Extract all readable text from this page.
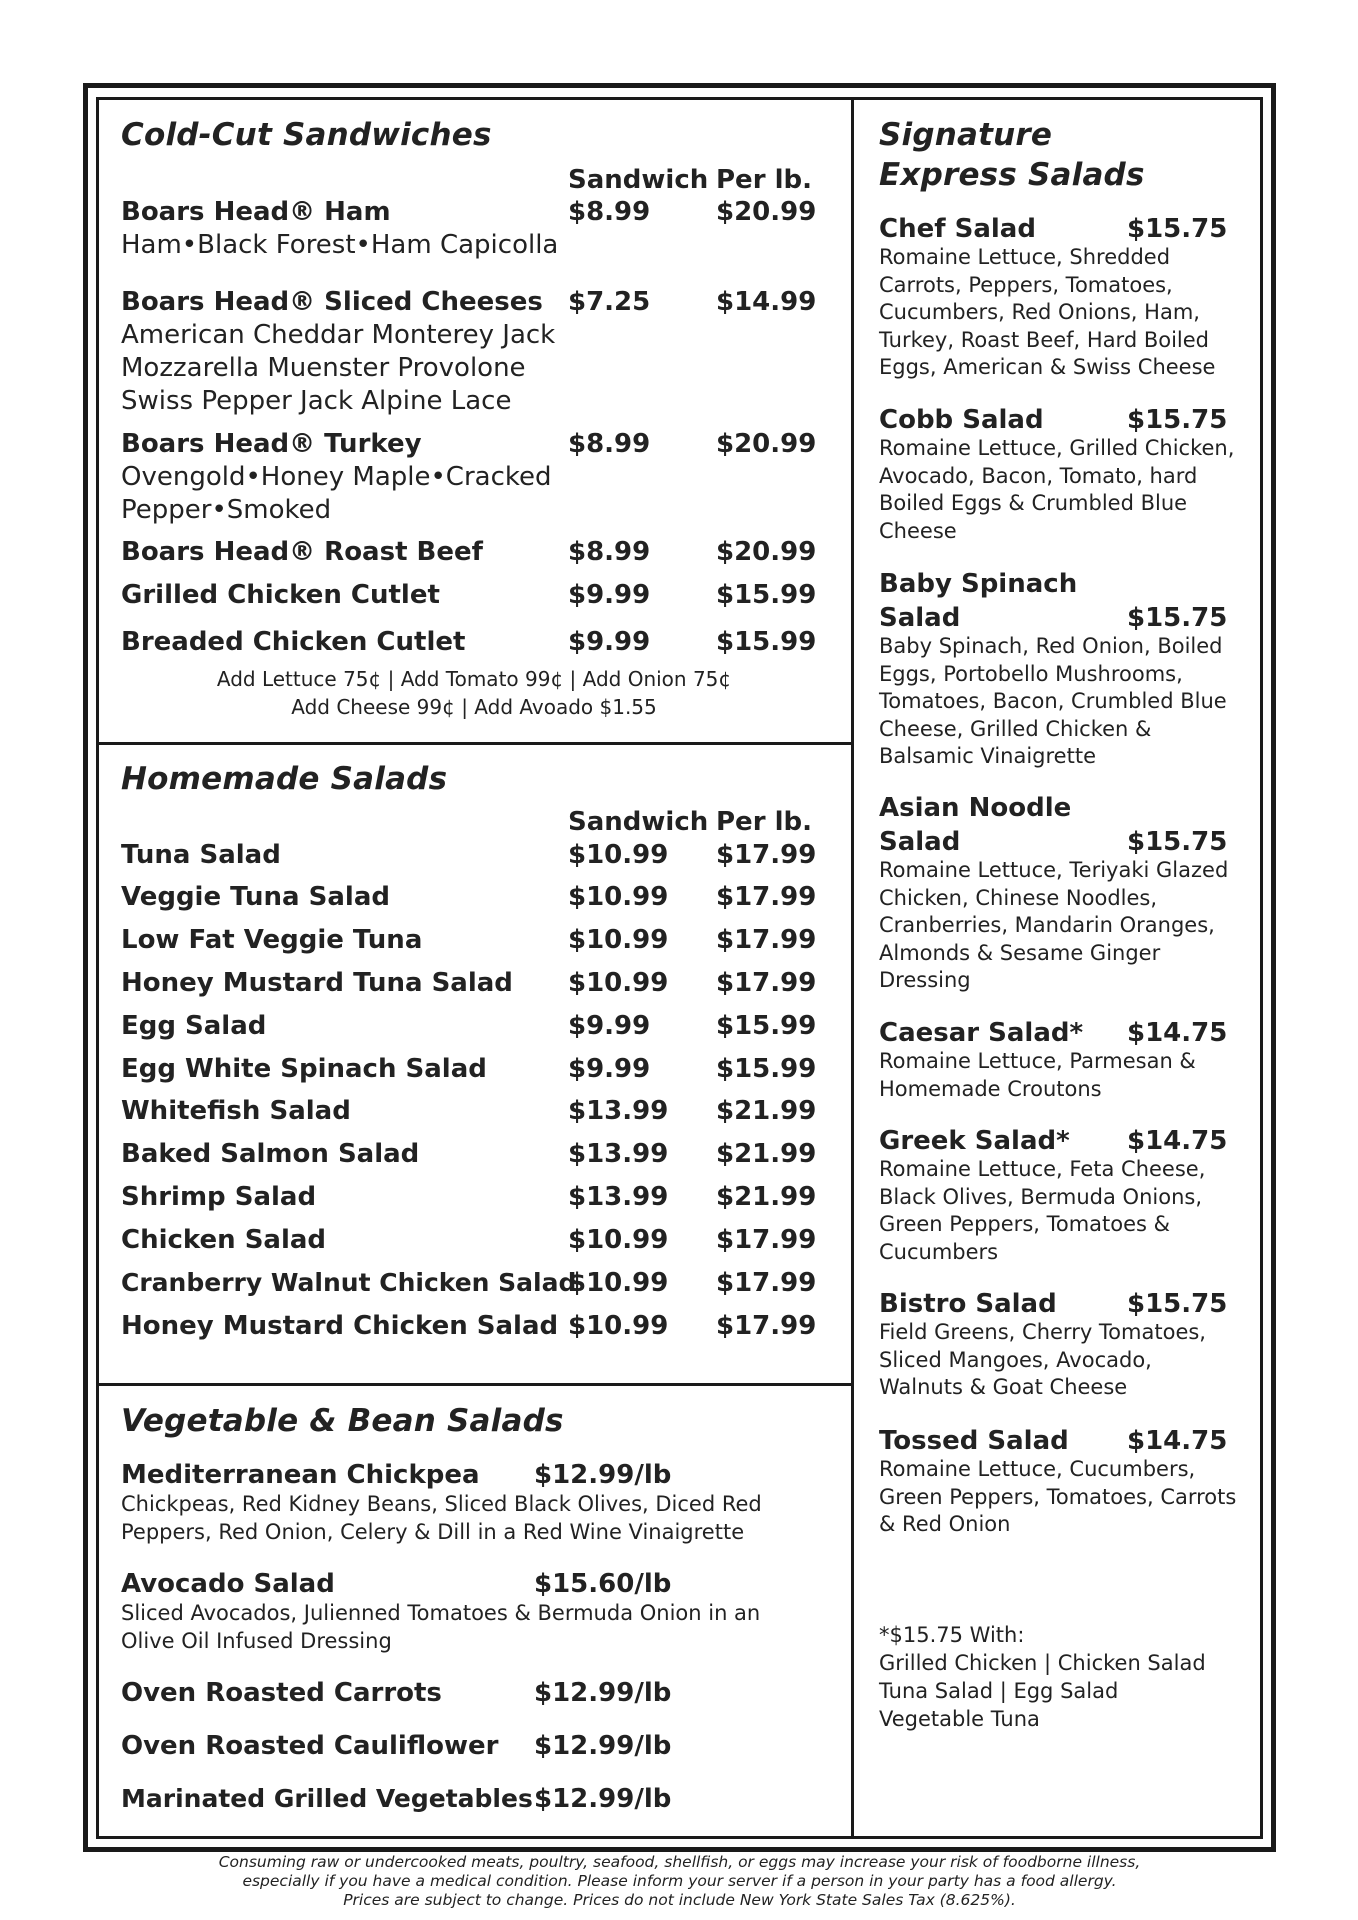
Cold-Cut Sandwiches
Sandwich Per lb.
Boars Head® Ham	$8.99	$20.99
Ham•Black Forest•Ham Capicolla
Boars Head® Sliced Cheeses $7.25	$14.99
American Cheddar Monterey Jack Mozzarella Muenster Provolone Swiss Pepper Jack Alpine Lace
Boars Head® Turkey	$8.99	$20.99
Ovengold•Honey Maple•Cracked Pepper•Smoked
Boars Head® Roast Beef	$8.99	$20.99
Grilled Chicken Cutlet	$9.99	$15.99
Breaded Chicken Cutlet	$9.99	$15.99
Add Lettuce 75¢ | Add Tomato 99¢ | Add Onion 75¢
Add Cheese 99¢ | Add Avoado $1.55
Homemade Salads
Sandwich Per lb.
Tuna Salad	$10.99 $17.99
Veggie Tuna Salad	$10.99 $17.99
Low Fat Veggie Tuna	$10.99 $17.99
Honey Mustard Tuna Salad $10.99 $17.99
Egg Salad	$9.99	$15.99
Egg White Spinach Salad	$9.99	$15.99
Whitefish Salad	$13.99 $21.99
Baked Salmon Salad	$13.99 $21.99
Shrimp Salad	$13.99 $21.99
Chicken Salad	$10.99 $17.99
Cranberry Walnut Chicken Salad
$10.99 $17.99
Honey Mustard Chicken Salad $10.99 $17.99
Vegetable & Bean Salads
Mediterranean Chickpea $12.99/lb
Chickpeas, Red Kidney Beans, Sliced Black Olives, Diced Red Peppers, Red Onion, Celery & Dill in a Red Wine Vinaigrette
Avocado Salad	$15.60/lb
Sliced Avocados, Julienned Tomatoes & Bermuda Onion in an Olive Oil Infused Dressing
Oven Roasted Carrots	$12.99/lb
Oven Roasted Cauliflower $12.99/lb
Marinated Grilled Vegetables $12.99/lb
Signature
Express Salads
Chef Salad	$15.75
Romaine Lettuce, Shredded Carrots, Peppers, Tomatoes, Cucumbers, Red Onions, Ham, Turkey, Roast Beef, Hard Boiled Eggs, American & Swiss Cheese
Cobb Salad	$15.75
Romaine Lettuce, Grilled Chicken, Avocado, Bacon, Tomato, hard Boiled Eggs & Crumbled Blue Cheese
Baby Spinach
Salad	$15.75
Baby Spinach, Red Onion, Boiled Eggs, Portobello Mushrooms, Tomatoes, Bacon, Crumbled Blue Cheese, Grilled Chicken & Balsamic Vinaigrette
Asian Noodle
Salad	$15.75
Romaine Lettuce, Teriyaki Glazed Chicken, Chinese Noodles, Cranberries, Mandarin Oranges, Almonds & Sesame Ginger Dressing
Caesar Salad* $14.75
Romaine Lettuce, Parmesan & Homemade Croutons
Greek Salad* $14.75
Romaine Lettuce, Feta Cheese, Black Olives, Bermuda Onions, Green Peppers, Tomatoes & Cucumbers
Bistro Salad	$15.75
Field Greens, Cherry Tomatoes, Sliced Mangoes, Avocado, Walnuts & Goat Cheese
Tossed Salad $14.75
Romaine Lettuce, Cucumbers, Green Peppers, Tomatoes, Carrots & Red Onion
*$15.75 With:
Grilled Chicken | Chicken Salad
Tuna Salad | Egg Salad
Vegetable Tuna
Consuming raw or undercooked meats, poultry, seafood, shellfish, or eggs may increase your risk of foodborne illness,
especially if you have a medical condition. Please inform your server if a person in your party has a food allergy.
Prices are subject to change. Prices do not include New York State Sales Tax (8.625%).
